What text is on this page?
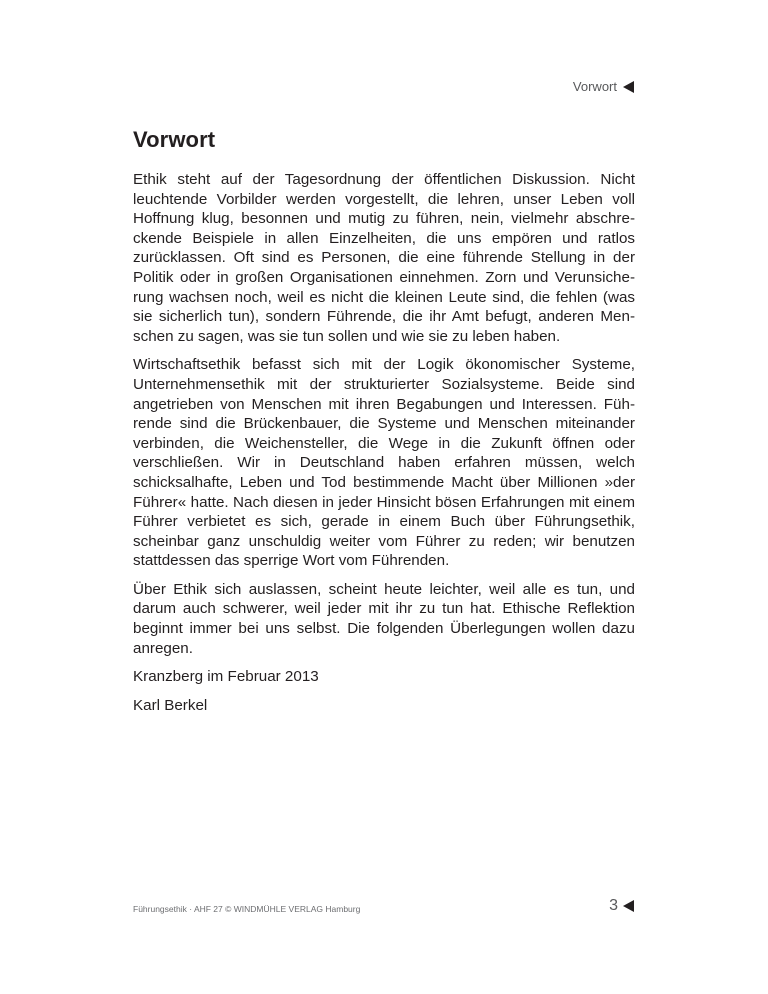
Vorwort
Vorwort

Ethik steht auf der Tagesordnung der öffentlichen Diskussion. Nicht leuchtende Vorbilder werden vorgestellt, die lehren, unser Leben voll Hoffnung klug, besonnen und mutig zu führen, nein, vielmehr abschreckende Beispiele in allen Einzelheiten, die uns empören und ratlos zurücklassen. Oft sind es Personen, die eine führende Stellung in der Politik oder in großen Organisationen einnehmen. Zorn und Verunsicherung wachsen noch, weil es nicht die kleinen Leute sind, die fehlen (was sie sicherlich tun), sondern Führende, die ihr Amt befugt, anderen Menschen zu sagen, was sie tun sollen und wie sie zu leben haben.

Wirtschaftsethik befasst sich mit der Logik ökonomischer Systeme, Unternehmensethik mit der strukturierter Sozialsysteme. Beide sind angetrieben von Menschen mit ihren Begabungen und Interessen. Führende sind die Brückenbauer, die Systeme und Menschen miteinander verbinden, die Weichensteller, die Wege in die Zukunft öffnen oder verschließen. Wir in Deutschland haben erfahren müssen, welch schicksalhafte, Leben und Tod bestimmende Macht über Millionen »der Führer« hatte. Nach diesen in jeder Hinsicht bösen Erfahrungen mit einem Führer verbietet es sich, gerade in einem Buch über Führungsethik, scheinbar ganz unschuldig weiter vom Führer zu reden; wir benutzen stattdessen das sperrige Wort vom Führenden.

Über Ethik sich auslassen, scheint heute leichter, weil alle es tun, und darum auch schwerer, weil jeder mit ihr zu tun hat. Ethische Reflektion beginnt immer bei uns selbst. Die folgenden Überlegungen wollen dazu anregen.

Kranzberg im Februar 2013
Karl Berkel
Führungsethik · AHF 27 © WINDMÜHLE VERLAG Hamburg	3
